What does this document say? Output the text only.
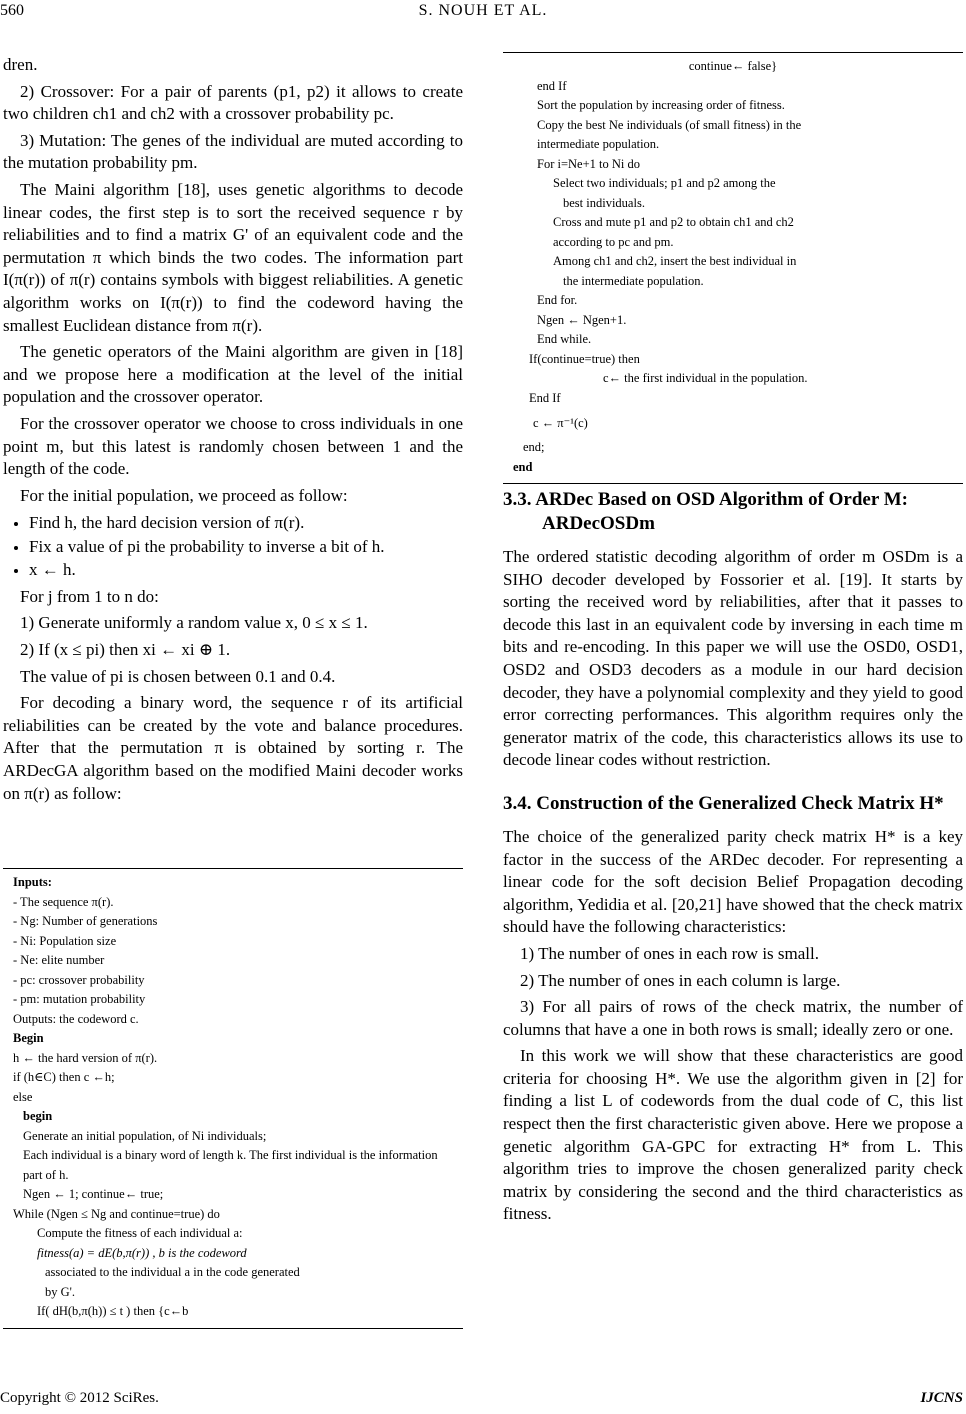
560	S. NOUH ET AL.

dren.

2) Crossover: For a pair of parents (p1, p2) it allows to create two children ch1 and ch2 with a crossover probability pc.

3) Mutation: The genes of the individual are muted according to the mutation probability pm.

The Maini algorithm [18], uses genetic algorithms to decode linear codes, the first step is to sort the received sequence r by reliabilities and to find a matrix G' of an equivalent code and the permutation π which binds the two codes. The information part I(π(r)) of π(r) contains symbols with biggest reliabilities. A genetic algorithm works on I(π(r)) to find the codeword having the smallest Euclidean distance from π(r).

The genetic operators of the Maini algorithm are given in [18] and we propose here a modification at the level of the initial population and the crossover operator.

For the crossover operator we choose to cross individuals in one point m, but this latest is randomly chosen between 1 and the length of the code.

For the initial population, we proceed as follow:

• Find h, the hard decision version of π(r).
• Fix a value of pi the probability to inverse a bit of h.
• x ← h.

For j from 1 to n do:

1) Generate uniformly a random value x, 0 ≤ x ≤ 1.

2) If (x ≤ pi) then xi ← xi ⊕ 1.

The value of pi is chosen between 0.1 and 0.4.

For decoding a binary word, the sequence r of its artificial reliabilities can be created by the vote and balance procedures. After that the permutation π is obtained by sorting r. The ARDecGA algorithm based on the modified Maini decoder works on π(r) as follow:

Inputs:
- The sequence π(r).
- Ng: Number of generations
- Ni: Population size
- Ne: elite number
- pc: crossover probability
- pm: mutation probability
Outputs: the codeword c.
Begin
h ← the hard version of π(r).
if (h∈C) then c ←h;
else
begin
Generate an initial population, of Ni individuals;
Each individual is a binary word of length k. The first individual is the information part of h.
Ngen ← 1; continue← true;
While (Ngen ≤ Ng and continue=true) do
Compute the fitness of each individual a:
fitness(a) = dE(b,π(r)) , b is the codeword
associated to the individual a in the code generated
by G'.
If( dH(b,π(h)) ≤ t ) then {c←b
continue← false}
end If
Sort the population by increasing order of fitness.
Copy the best Ne individuals (of small fitness) in the
intermediate population.
For i=Ne+1 to Ni do
Select two individuals; p1 and p2 among the
best individuals.
Cross and mute p1 and p2 to obtain ch1 and ch2
according to pc and pm.
Among ch1 and ch2, insert the best individual in
the intermediate population.
End for.
Ngen ← Ngen+1.
End while.
If(continue=true) then
c← the first individual in the population.
End If
c ← π⁻¹(c)
end;
end
3.3. ARDec Based on OSD Algorithm of Order M: ARDecOSDm

The ordered statistic decoding algorithm of order m OSDm is a SIHO decoder developed by Fossorier et al. [19]. It starts by sorting the received word by reliabilities, after that it passes to decode this last in an equivalent code by inversing in each time m bits and re-encoding. In this paper we will use the OSD0, OSD1, OSD2 and OSD3 decoders as a module in our hard decision decoder, they have a polynomial complexity and they yield to good error correcting performances. This algorithm requires only the generator matrix of the code, this characteristics allows its use to decode linear codes without restriction.

3.4. Construction of the Generalized Check Matrix H*

The choice of the generalized parity check matrix H* is a key factor in the success of the ARDec decoder. For representing a linear code for the soft decision Belief Propagation decoding algorithm, Yedidia et al. [20,21] have showed that the check matrix should have the following characteristics:

1) The number of ones in each row is small.

2) The number of ones in each column is large.

3) For all pairs of rows of the check matrix, the number of columns that have a one in both rows is small; ideally zero or one.

In this work we will show that these characteristics are good criteria for choosing H*. We use the algorithm given in [2] for finding a list L of codewords from the dual code of C, this list respect then the first characteristic given above. Here we propose a genetic algorithm GA-GPC for extracting H* from L. This algorithm tries to improve the chosen generalized parity check matrix by considering the second and the third characteristics as fitness.

Copyright © 2012 SciRes.	IJCNS
